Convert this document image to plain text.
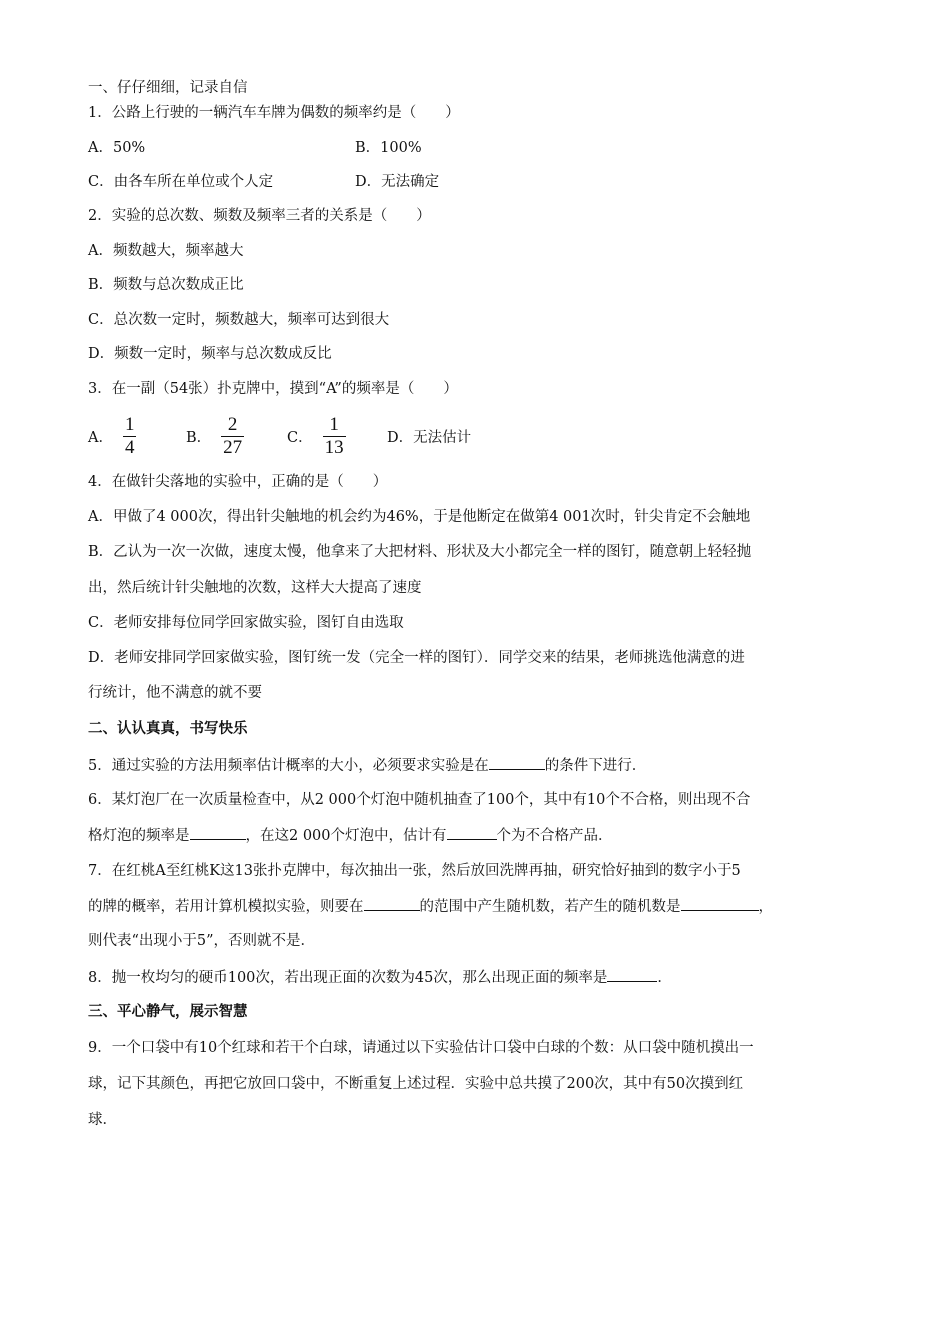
一、仔仔细细，记录自信
1．公路上行驶的一辆汽车车牌为偶数的频率约是（　　）
A．50%	B．100%
C．由各车所在单位或个人定	D．无法确定
2．实验的总次数、频数及频率三者的关系是（　　）
A．频数越大，频率越大
B．频数与总次数成正比
C．总次数一定时，频数越大，频率可达到很大
D．频数一定时，频率与总次数成反比
3．在一副（54张）扑克牌中，摸到“A”的频率是（　　）
A． $\frac{1}{4}$	B． $\frac{2}{27}$	C． $\frac{1}{13}$	D．无法估计
4．在做针尖落地的实验中，正确的是（　　）
A．甲做了4 000次，得出针尖触地的机会约为46%，于是他断定在做第4 001次时，针尖肯定不会触地
B．乙认为一次一次做，速度太慢，他拿来了大把材料、形状及大小都完全一样的图钉，随意朝上轻轻抛
出，然后统计针尖触地的次数，这样大大提高了速度
C．老师安排每位同学回家做实验，图钉自由选取
D．老师安排同学回家做实验，图钉统一发（完全一样的图钉）．同学交来的结果，老师挑选他满意的进
行统计，他不满意的就不要
二、认认真真，书写快乐
5．通过实验的方法用频率估计概率的大小，必须要求实验是在	的条件下进行．
6．某灯泡厂在一次质量检查中，从2 000个灯泡中随机抽查了100个，其中有10个不合格，则出现不合
格灯泡的频率是	，在这2 000个灯泡中，估计有	个为不合格产品．
7．在红桃A至红桃K这13张扑克牌中，每次抽出一张，然后放回洗牌再抽，研究恰好抽到的数字小于5
的牌的概率，若用计算机模拟实验，则要在	的范围中产生随机数，若产生的随机数是	，
则代表“出现小于5”，否则就不是．
8．抛一枚均匀的硬币100次，若出现正面的次数为45次，那么出现正面的频率是	．
三、平心静气，展示智慧
9．一个口袋中有10个红球和若干个白球，请通过以下实验估计口袋中白球的个数：从口袋中随机摸出一
球，记下其颜色，再把它放回口袋中，不断重复上述过程．实验中总共摸了200次，其中有50次摸到红
球．
